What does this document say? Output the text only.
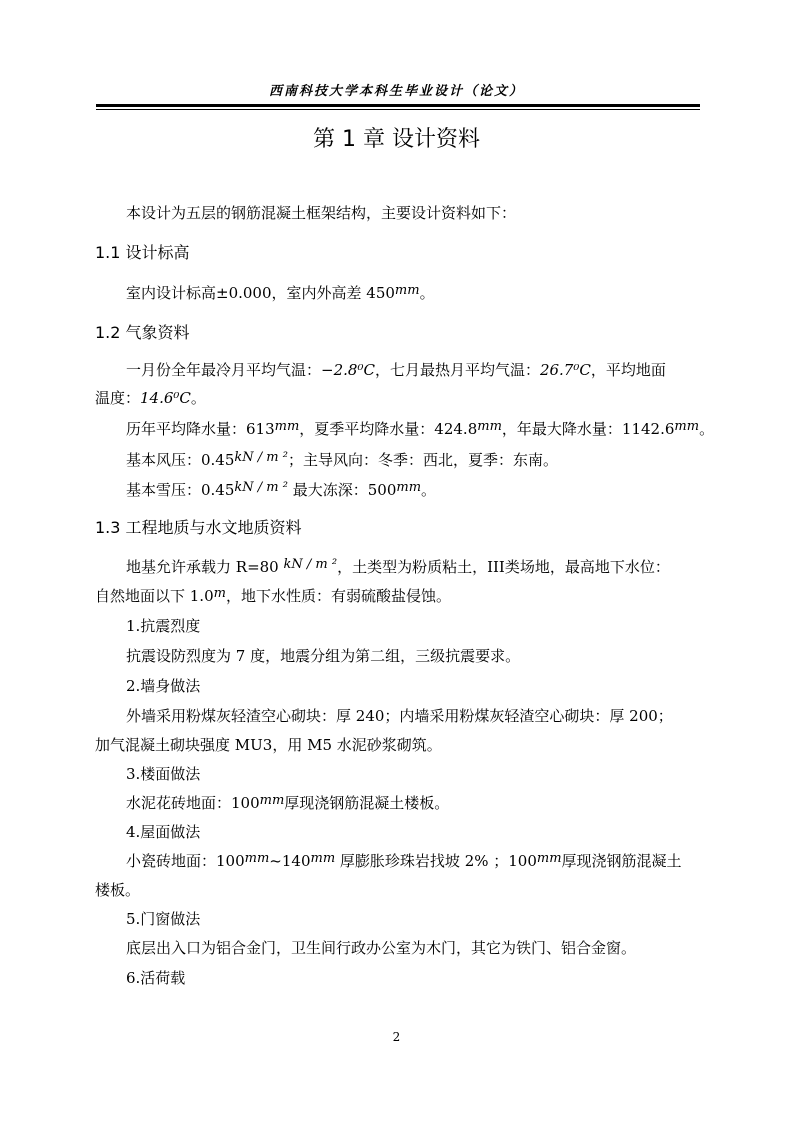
西南科技大学本科生毕业设计（论文）
第 1 章 设计资料
本设计为五层的钢筋混凝土框架结构，主要设计资料如下：
1.1 设计标高
室内设计标高±0.000，室内外高差 450mm。
1.2 气象资料
一月份全年最冷月平均气温：−2.8⁰C，七月最热月平均气温：26.7⁰C，平均地面
温度：14.6⁰C。
历年平均降水量：613mm，夏季平均降水量：424.8mm，年最大降水量：1142.6mm。
基本风压：0.45kN / m ²；主导风向：冬季：西北，夏季：东南。
基本雪压：0.45kN / m ² 最大冻深：500mm。
1.3 工程地质与水文地质资料
地基允许承载力 R=80 kN / m ²，土类型为粉质粘土，III类场地，最高地下水位：
自然地面以下 1.0m，地下水性质：有弱硫酸盐侵蚀。
1.抗震烈度
抗震设防烈度为 7 度，地震分组为第二组，三级抗震要求。
2.墙身做法
外墙采用粉煤灰轻渣空心砌块：厚 240；内墙采用粉煤灰轻渣空心砌块：厚 200；
加气混凝土砌块强度 MU3，用 M5 水泥砂浆砌筑。
3.楼面做法
水泥花砖地面：100mm厚现浇钢筋混凝土楼板。
4.屋面做法
小瓷砖地面：100mm~140mm 厚膨胀珍珠岩找坡 2% ；100mm厚现浇钢筋混凝土
楼板。
5.门窗做法
底层出入口为铝合金门，卫生间行政办公室为木门，其它为铁门、铝合金窗。
6.活荷载
2
